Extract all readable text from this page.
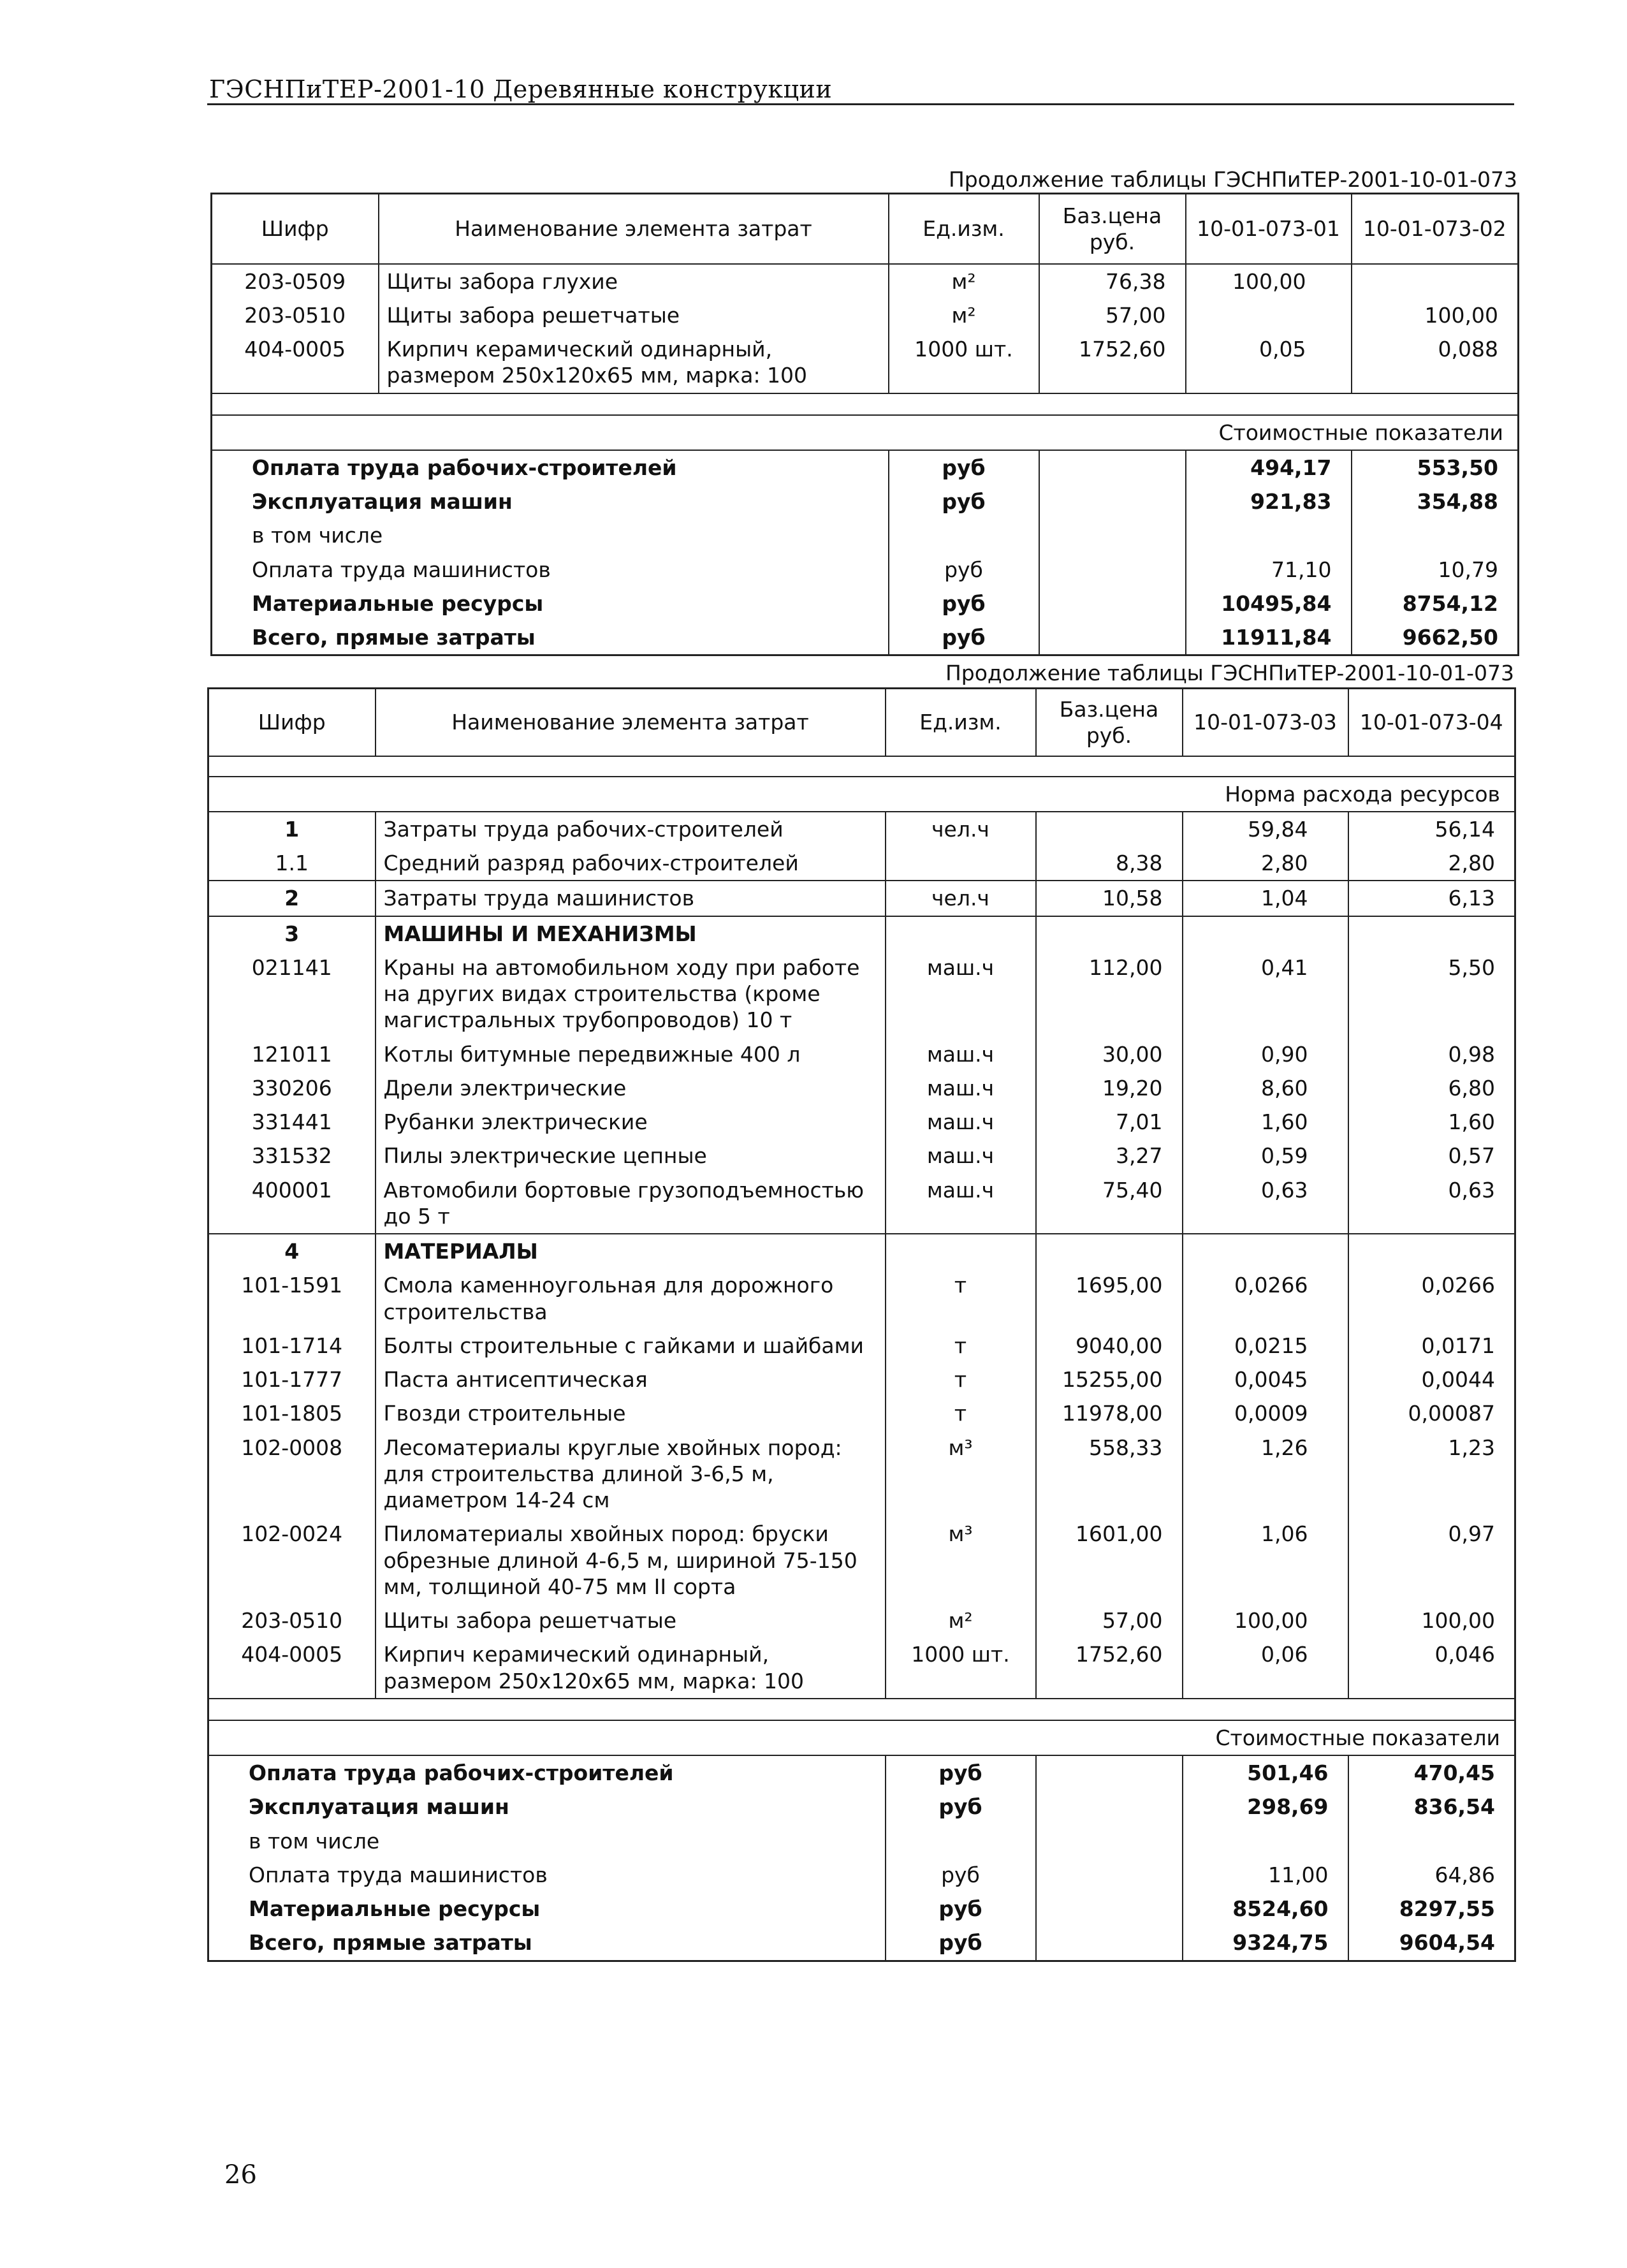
ГЭСНПиТЕР-2001-10 Деревянные конструкции
Продолжение таблицы ГЭСНПиТЕР-2001-10-01-073
Шифр	Наименование элемента затрат	Ед.изм.	Баз.цена руб.	10-01-073-01	10-01-073-02
203-0509	Щиты забора глухие	м²	76,38	100,00	
203-0510	Щиты забора решетчатые	м²	57,00		100,00
404-0005	Кирпич керамический одинарный, размером 250х120х65 мм, марка: 100	1000 шт.	1752,60	0,05	0,088

Стоимостные показатели					
Оплата труда рабочих-строителей		руб		494,17	553,50
Эксплуатация машин		руб		921,83	354,88
в том числе					
Оплата труда машинистов		руб		71,10	10,79
Материальные ресурсы		руб		10495,84	8754,12
Всего, прямые затраты		руб		11911,84	9662,50
Продолжение таблицы ГЭСНПиТЕР-2001-10-01-073
Шифр	Наименование элемента затрат	Ед.изм.	Баз.цена руб.	10-01-073-03	10-01-073-04

Норма расхода ресурсов					
1	Затраты труда рабочих-строителей	чел.ч		59,84	56,14
1.1	Средний разряд рабочих-строителей		8,38	2,80	2,80
2	Затраты труда машинистов	чел.ч	10,58	1,04	6,13
3	МАШИНЫ И МЕХАНИЗМЫ				
021141	Краны на автомобильном ходу при работе на других видах строительства (кроме магистральных трубопроводов) 10 т	маш.ч	112,00	0,41	5,50
121011	Котлы битумные передвижные 400 л	маш.ч	30,00	0,90	0,98
330206	Дрели электрические	маш.ч	19,20	8,60	6,80
331441	Рубанки электрические	маш.ч	7,01	1,60	1,60
331532	Пилы электрические цепные	маш.ч	3,27	0,59	0,57
400001	Автомобили бортовые грузоподъемностью до 5 т	маш.ч	75,40	0,63	0,63
4	МАТЕРИАЛЫ				
101-1591	Смола каменноугольная для дорожного строительства	т	1695,00	0,0266	0,0266
101-1714	Болты строительные с гайками и шайбами	т	9040,00	0,0215	0,0171
101-1777	Паста антисептическая	т	15255,00	0,0045	0,0044
101-1805	Гвозди строительные	т	11978,00	0,0009	0,00087
102-0008	Лесоматериалы круглые хвойных пород: для строительства длиной 3-6,5 м, диаметром 14-24 см	м³	558,33	1,26	1,23
102-0024	Пиломатериалы хвойных пород: бруски обрезные длиной 4-6,5 м, шириной 75-150 мм, толщиной 40-75 мм II сорта	м³	1601,00	1,06	0,97
203-0510	Щиты забора решетчатые	м²	57,00	100,00	100,00
404-0005	Кирпич керамический одинарный, размером 250х120х65 мм, марка: 100	1000 шт.	1752,60	0,06	0,046

Стоимостные показатели					
Оплата труда рабочих-строителей		руб		501,46	470,45
Эксплуатация машин		руб		298,69	836,54
в том числе					
Оплата труда машинистов		руб		11,00	64,86
Материальные ресурсы		руб		8524,60	8297,55
Всего, прямые затраты		руб		9324,75	9604,54
26
